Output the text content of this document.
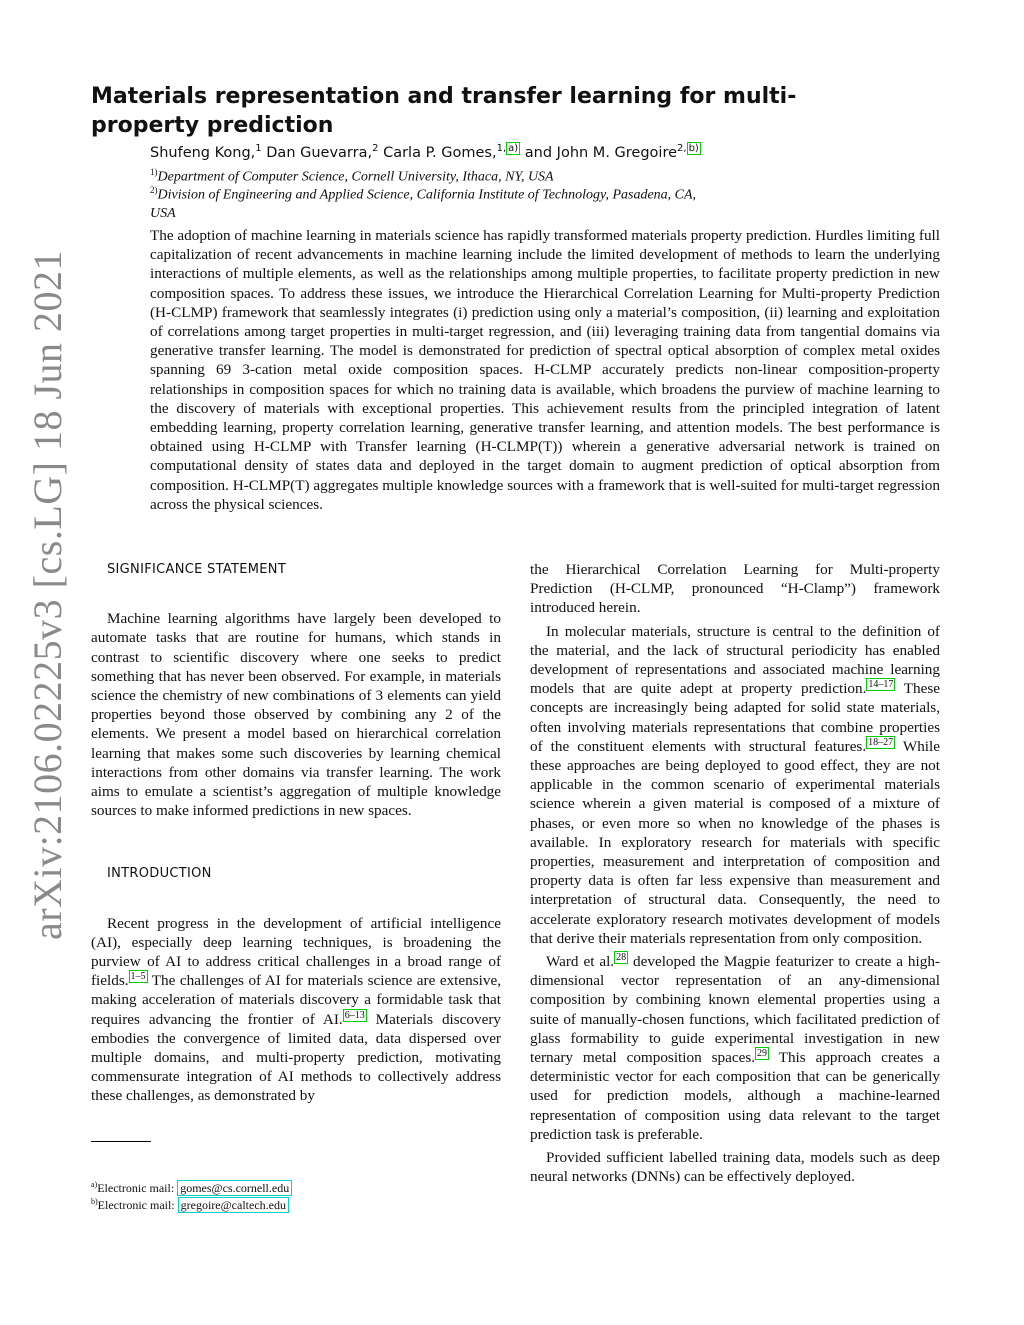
arXiv:2106.02225v3 [cs.LG] 18 Jun 2021
Materials representation and transfer learning for multi-property prediction
Shufeng Kong,$^1$ Dan Guevarra,$^2$ Carla P. Gomes,$^{1, a)}$ and John M. Gregoire$^{2, b)}$
$^{1)}$Department of Computer Science, Cornell University, Ithaca, NY, USA
$^{2)}$Division of Engineering and Applied Science, California Institute of Technology, Pasadena, CA,
USA

The adoption of machine learning in materials science has rapidly transformed materials property prediction. Hurdles limiting full capitalization of recent advancements in machine learning include the limited development of methods to learn the underlying interactions of multiple elements, as well as the relationships among multiple properties, to facilitate property prediction in new composition spaces. To address these issues, we introduce the Hierarchical Correlation Learning for Multi-property Prediction (H-CLMP) framework that seamlessly integrates (i) prediction using only a material’s composition, (ii) learning and exploitation of correlations among target properties in multi-target regression, and (iii) leveraging training data from tangential domains via generative transfer learning. The model is demonstrated for prediction of spectral optical absorption of complex metal oxides spanning 69 3-cation metal oxide composition spaces. H-CLMP accurately predicts non-linear composition-property relationships in composition spaces for which no training data is available, which broadens the purview of machine learning to the discovery of materials with exceptional properties. This achievement results from the principled integration of latent embedding learning, property correlation learning, generative transfer learning, and attention models. The best performance is obtained using H-CLMP with Transfer learning (H-CLMP(T)) wherein a generative adversarial network is trained on computational density of states data and deployed in the target domain to augment prediction of optical absorption from composition. H-CLMP(T) aggregates multiple knowledge sources with a framework that is well-suited for multi-target regression across the physical sciences.

SIGNIFICANCE STATEMENT

Machine learning algorithms have largely been developed to automate tasks that are routine for humans, which stands in contrast to scientific discovery where one seeks to predict something that has never been observed. For example, in materials science the chemistry of new combinations of 3 elements can yield properties beyond those observed by combining any 2 of the elements. We present a model based on hierarchical correlation learning that makes some such discoveries by learning chemical interactions from other domains via transfer learning. The work aims to emulate a scientist’s aggregation of multiple knowledge sources to make informed predictions in new spaces.

INTRODUCTION

Recent progress in the development of artificial intelligence (AI), especially deep learning techniques, is broadening the purview of AI to address critical challenges in a broad range of fields. $^{1-5}$ The challenges of AI for materials science are extensive, making acceleration of materials discovery a formidable task that requires advancing the frontier of AI. $^{6-13}$ Materials discovery embodies the convergence of limited data, data dispersed over multiple domains, and multi-property prediction, motivating commensurate integration of AI methods to collectively address these challenges, as demonstrated by

the Hierarchical Correlation Learning for Multi-property Prediction (H-CLMP, pronounced “H-Clamp”) framework introduced herein.

In molecular materials, structure is central to the definition of the material, and the lack of structural periodicity has enabled development of representations and associated machine learning models that are quite adept at property prediction. $^{14-17}$ These concepts are increasingly being adapted for solid state materials, often involving materials representations that combine properties of the constituent elements with structural features. $^{18-27}$ While these approaches are being deployed to good effect, they are not applicable in the common scenario of experimental materials science wherein a given material is composed of a mixture of phases, or even more so when no knowledge of the phases is available. In exploratory research for materials with specific properties, measurement and interpretation of composition and property data is often far less expensive than measurement and interpretation of structural data. Consequently, the need to accelerate exploratory research motivates development of models that derive their materials representation from only composition.

Ward et al. $^{28}$ developed the Magpie featurizer to create a high-dimensional vector representation of an any-dimensional composition by combining known elemental properties using a suite of manually-chosen functions, which facilitated prediction of glass formability to guide experimental investigation in new ternary metal composition spaces. $^{29}$ This approach creates a deterministic vector for each composition that can be generically used for prediction models, although a machine-learned representation of composition using data relevant to the target prediction task is preferable.

Provided sufficient labelled training data, models such as deep neural networks (DNNs) can be effectively deployed.

$^{a)}$Electronic mail: gomes@cs.cornell.edu
$^{b)}$Electronic mail: gregoire@caltech.edu
